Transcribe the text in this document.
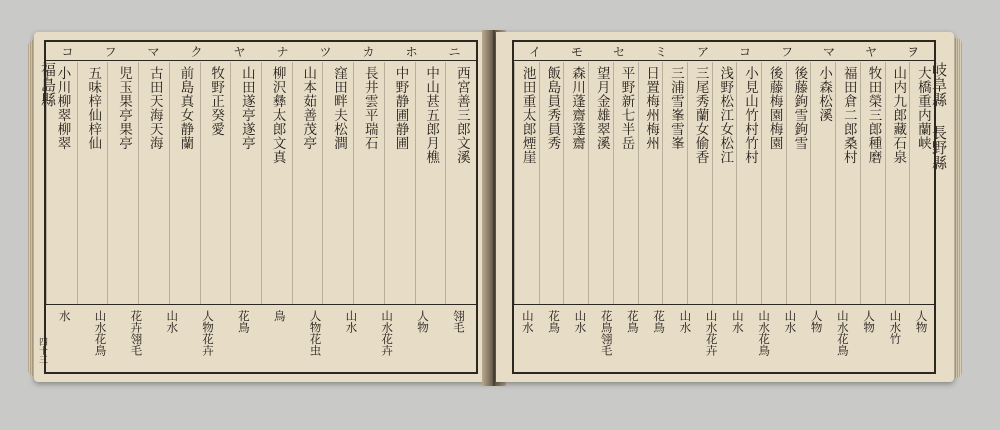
ニ
ホ
カ
ツ
ナ
ヤ
ク
マ
フ
コ
西宮善三郎文溪
中山甚五郎月樵
中野静圃静圃
長井雲平瑞石
窪田畔夫松澗
山本茹善茂亭
柳沢彝太郎文真
山田遂亭遂亭
牧野正癸愛
前島真女静蘭
古田天海天海
児玉果亭果亭
五味梓仙梓仙
小川柳翠柳翠
翎毛
人物
山水花卉
山水
人物花虫
鳥
花鳥
人物花卉
山水
花卉翎毛
山水花鳥
水
福島縣
四十三
ヲ
ヤ
マ
フ
コ
ア
ミ
セ
モ
イ
大橋重内蘭峡
山内九郎藏石泉
牧田榮三郎種磨
福田倉二郎桑村
小森松溪
後藤鉤雪鉤雪
後藤梅園梅園
小見山竹村竹村
浅野松江女松江
三尾秀蘭女偷香
三浦雪峯雪峯
日置梅州梅州
平野新七半岳
望月金雄翠溪
森川蓬齋蓬齋
飯島員秀員秀
池田重太郎煙崖
人物
山水竹
人物
山水花鳥
人物
山水
山水花鳥
山水
山水花卉
山水
花鳥
花鳥
花鳥翎毛
山水
花鳥
山水
岐阜縣 長野縣
